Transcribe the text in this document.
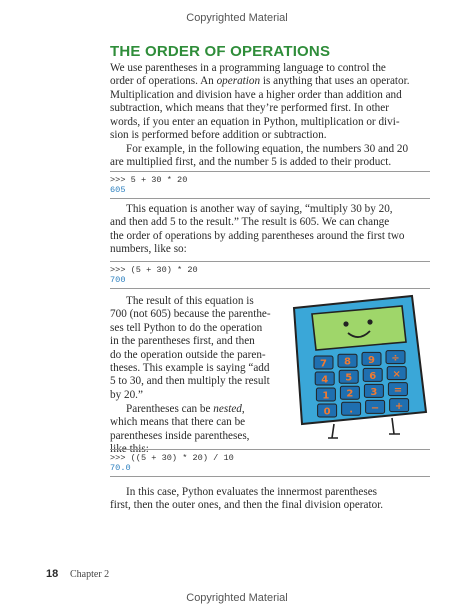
Copyrighted Material
THE ORDER OF OPERATIONS
We use parentheses in a programming language to control the
order of operations. An operation is anything that uses an operator.
Multiplication and division have a higher order than addition and
subtraction, which means that they’re performed first. In other
words, if you enter an equation in Python, multiplication or divi-
sion is performed before addition or subtraction.
For example, in the following equation, the numbers 30 and 20
are multiplied first, and the number 5 is added to their product.
>>> 5 + 30 * 20
605
This equation is another way of saying, “multiply 30 by 20,
and then add 5 to the result.” The result is 605. We can change
the order of operations by adding parentheses around the first two
numbers, like so:
>>> (5 + 30) * 20
700
The result of this equation is
700 (not 605) because the parenthe-
ses tell Python to do the operation
in the parentheses first, and then
do the operation outside the paren-
theses. This example is saying “add
5 to 30, and then multiply the result
by 20.”
Parentheses can be nested,
which means that there can be
parentheses inside parentheses,
like this:
7 8 9 ÷
4 5 6 ×
1 2 3 =
0 . − +
>>> ((5 + 30) * 20) / 10
70.0
In this case, Python evaluates the innermost parentheses
first, then the outer ones, and then the final division operator.
18 Chapter 2
Copyrighted Material
